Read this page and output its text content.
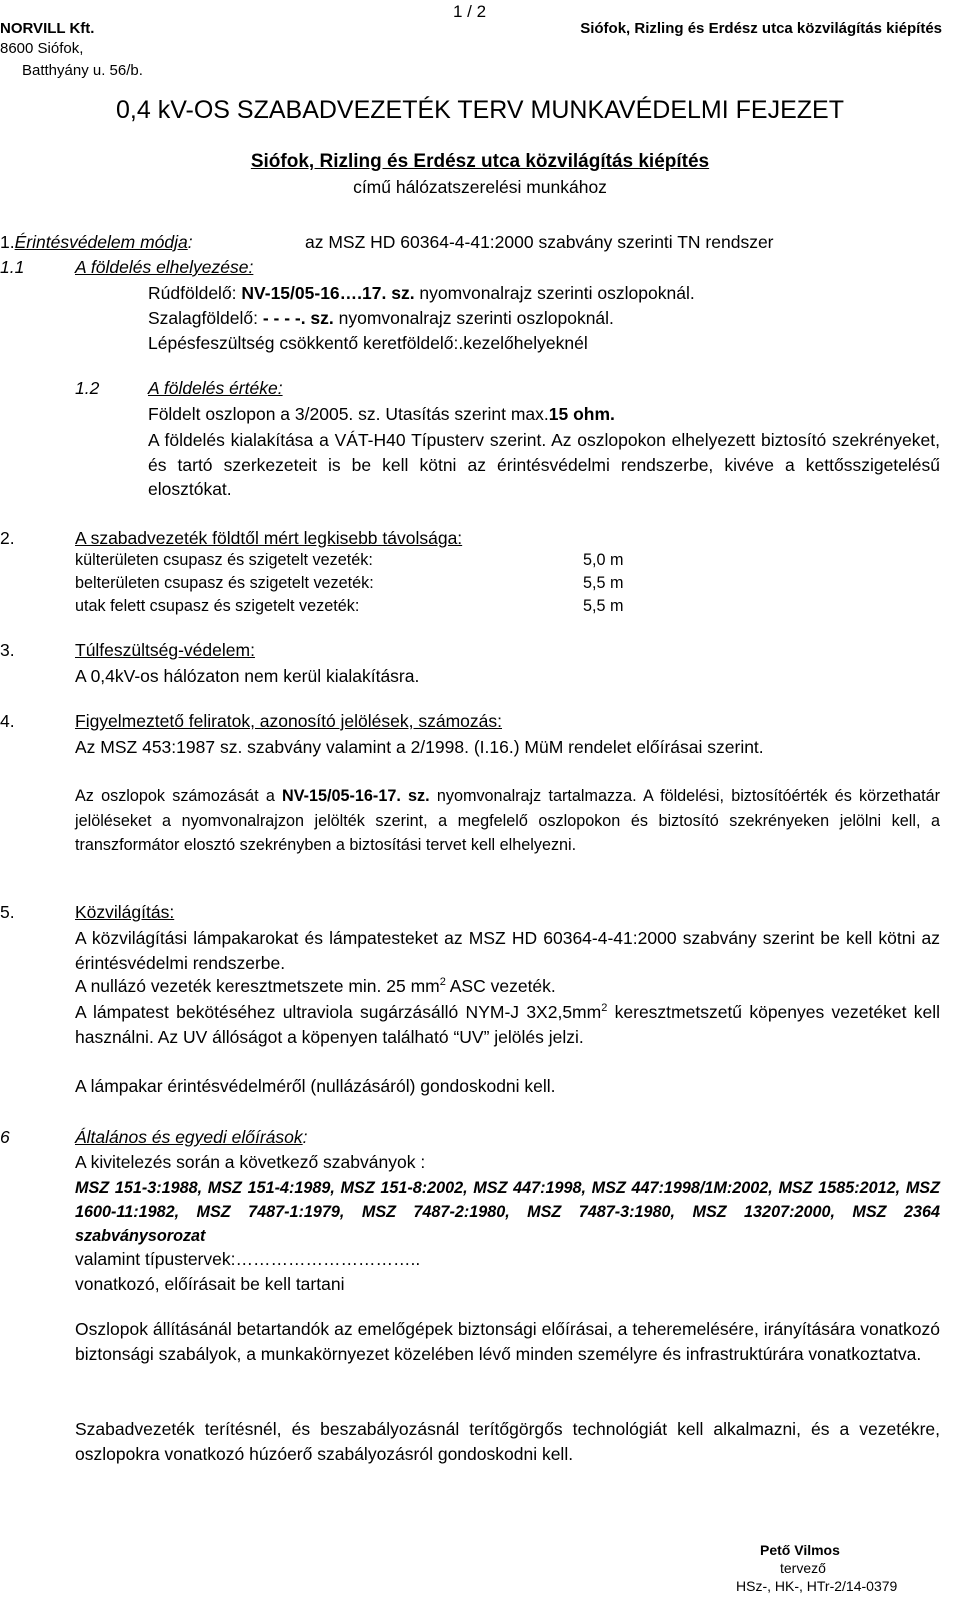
NORVILL Kft.

8600 Siófok,

Batthyány u. 56/b.

1 / 2

Siófok, Rizling és Erdész utca közvilágítás kiépítés

0,4 kV-OS SZABADVEZETÉK TERV MUNKAVÉDELMI FEJEZET

Siófok, Rizling és Erdész utca közvilágítás kiépítés

című hálózatszerelési munkához

1.Érintésvédelem módja:	az MSZ HD 60364-4-41:2000 szabvány szerinti TN rendszer

1.1	A földelés elhelyezése:

Rúdföldelő: NV-15/05-16….17. sz. nyomvonalrajz szerinti oszlopoknál.

Szalagföldelő: - - - -. sz. nyomvonalrajz szerinti oszlopoknál.

Lépésfeszültség csökkentő keretföldelő:.kezelőhelyeknél

1.2	A földelés értéke:

Földelt oszlopon a 3/2005. sz. Utasítás szerint max.15 ohm.

A földelés kialakítása a VÁT-H40 Típusterv szerint. Az oszlopokon elhelyezett biztosító szekrényeket, és tartó szerkezeteit is be kell kötni az érintésvédelmi rendszerbe, kivéve a kettősszigetelésű elosztókat.

2.	A szabadvezeték földtől mért legkisebb távolsága:

külterületen csupasz és szigetelt vezeték:	5,0 m

belterületen csupasz és szigetelt vezeték:	5,5 m

utak felett csupasz és szigetelt vezeték:	5,5 m

3.	Túlfeszültség-védelem:

A 0,4kV-os hálózaton nem kerül kialakításra.

4.	Figyelmeztető feliratok, azonosító jelölések, számozás:

Az MSZ 453:1987 sz. szabvány valamint a 2/1998. (I.16.) MüM rendelet előírásai szerint.

Az oszlopok számozását a NV-15/05-16-17. sz. nyomvonalrajz tartalmazza. A földelési, biztosítóérték és körzethatár jelöléseket a nyomvonalrajzon jelölték szerint, a megfelelő oszlopokon és biztosító szekrényeken jelölni kell, a transzformátor elosztó szekrényben a biztosítási tervet kell elhelyezni.

5.	Közvilágítás:

A közvilágítási lámpakarokat és lámpatesteket az MSZ HD 60364-4-41:2000 szabvány szerint be kell kötni az érintésvédelmi rendszerbe.

A nullázó vezeték keresztmetszete min. 25 $mm^2$ ASC vezeték.

A lámpatest bekötéséhez ultraviola sugárzásálló NYM-J $3X2,5mm^2$ keresztmetszetű köpenyes vezetéket kell használni. Az UV állóságot a köpenyen található “UV” jelölés jelzi.

A lámpakar érintésvédelméről (nullázásáról) gondoskodni kell.

6	Általános és egyedi előírások:

A kivitelezés során a következő szabványok :

MSZ 151-3:1988, MSZ 151-4:1989, MSZ 151-8:2002, MSZ 447:1998, MSZ 447:1998/1M:2002, MSZ 1585:2012, MSZ 1600-11:1982, MSZ 7487-1:1979, MSZ 7487-2:1980, MSZ 7487-3:1980, MSZ 13207:2000, MSZ 2364 szabványsorozat

valamint típustervek:…………………………..

vonatkozó, előírásait be kell tartani

Oszlopok állításánál betartandók az emelőgépek biztonsági előírásai, a teheremelésére, irányítására vonatkozó biztonsági szabályok, a munkakörnyezet közelében lévő minden személyre és infrastruktúrára vonatkoztatva.

Szabadvezeték terítésnél, és beszabályozásnál terítőgörgős technológiát kell alkalmazni, és a vezetékre, oszlopokra vonatkozó húzóerő szabályozásról gondoskodni kell.

Pető Vilmos

tervező

HSz-, HK-, HTr-2/14-0379
